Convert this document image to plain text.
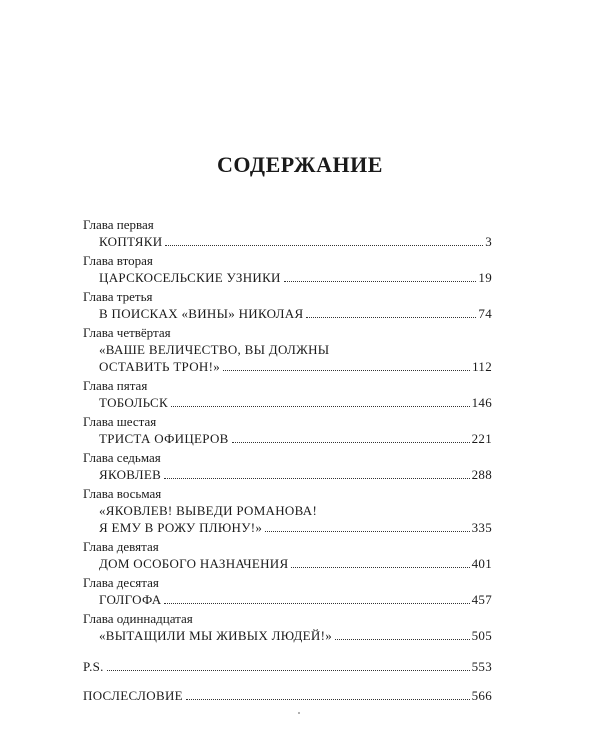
СОДЕРЖАНИЕ
Глава первая
КОПТЯКИ	3
Глава вторая
ЦАРСКОСЕЛЬСКИЕ УЗНИКИ	19
Глава третья
В ПОИСКАХ «ВИНЫ» НИКОЛАЯ	74
Глава четвёртая
«ВАШЕ ВЕЛИЧЕСТВО, ВЫ ДОЛЖНЫ
ОСТАВИТЬ ТРОН!»	112
Глава пятая
ТОБОЛЬСК	146
Глава шестая
ТРИСТА ОФИЦЕРОВ	221
Глава седьмая
ЯКОВЛЕВ	288
Глава восьмая
«ЯКОВЛЕВ! ВЫВЕДИ РОМАНОВА!
Я ЕМУ В РОЖУ ПЛЮНУ!»	335
Глава девятая
ДОМ ОСОБОГО НАЗНАЧЕНИЯ	401
Глава десятая
ГОЛГОФА	457
Глава одиннадцатая
«ВЫТАЩИЛИ МЫ ЖИВЫХ ЛЮДЕЙ!»	505
P.S.	553
ПОСЛЕСЛОВИЕ	566
